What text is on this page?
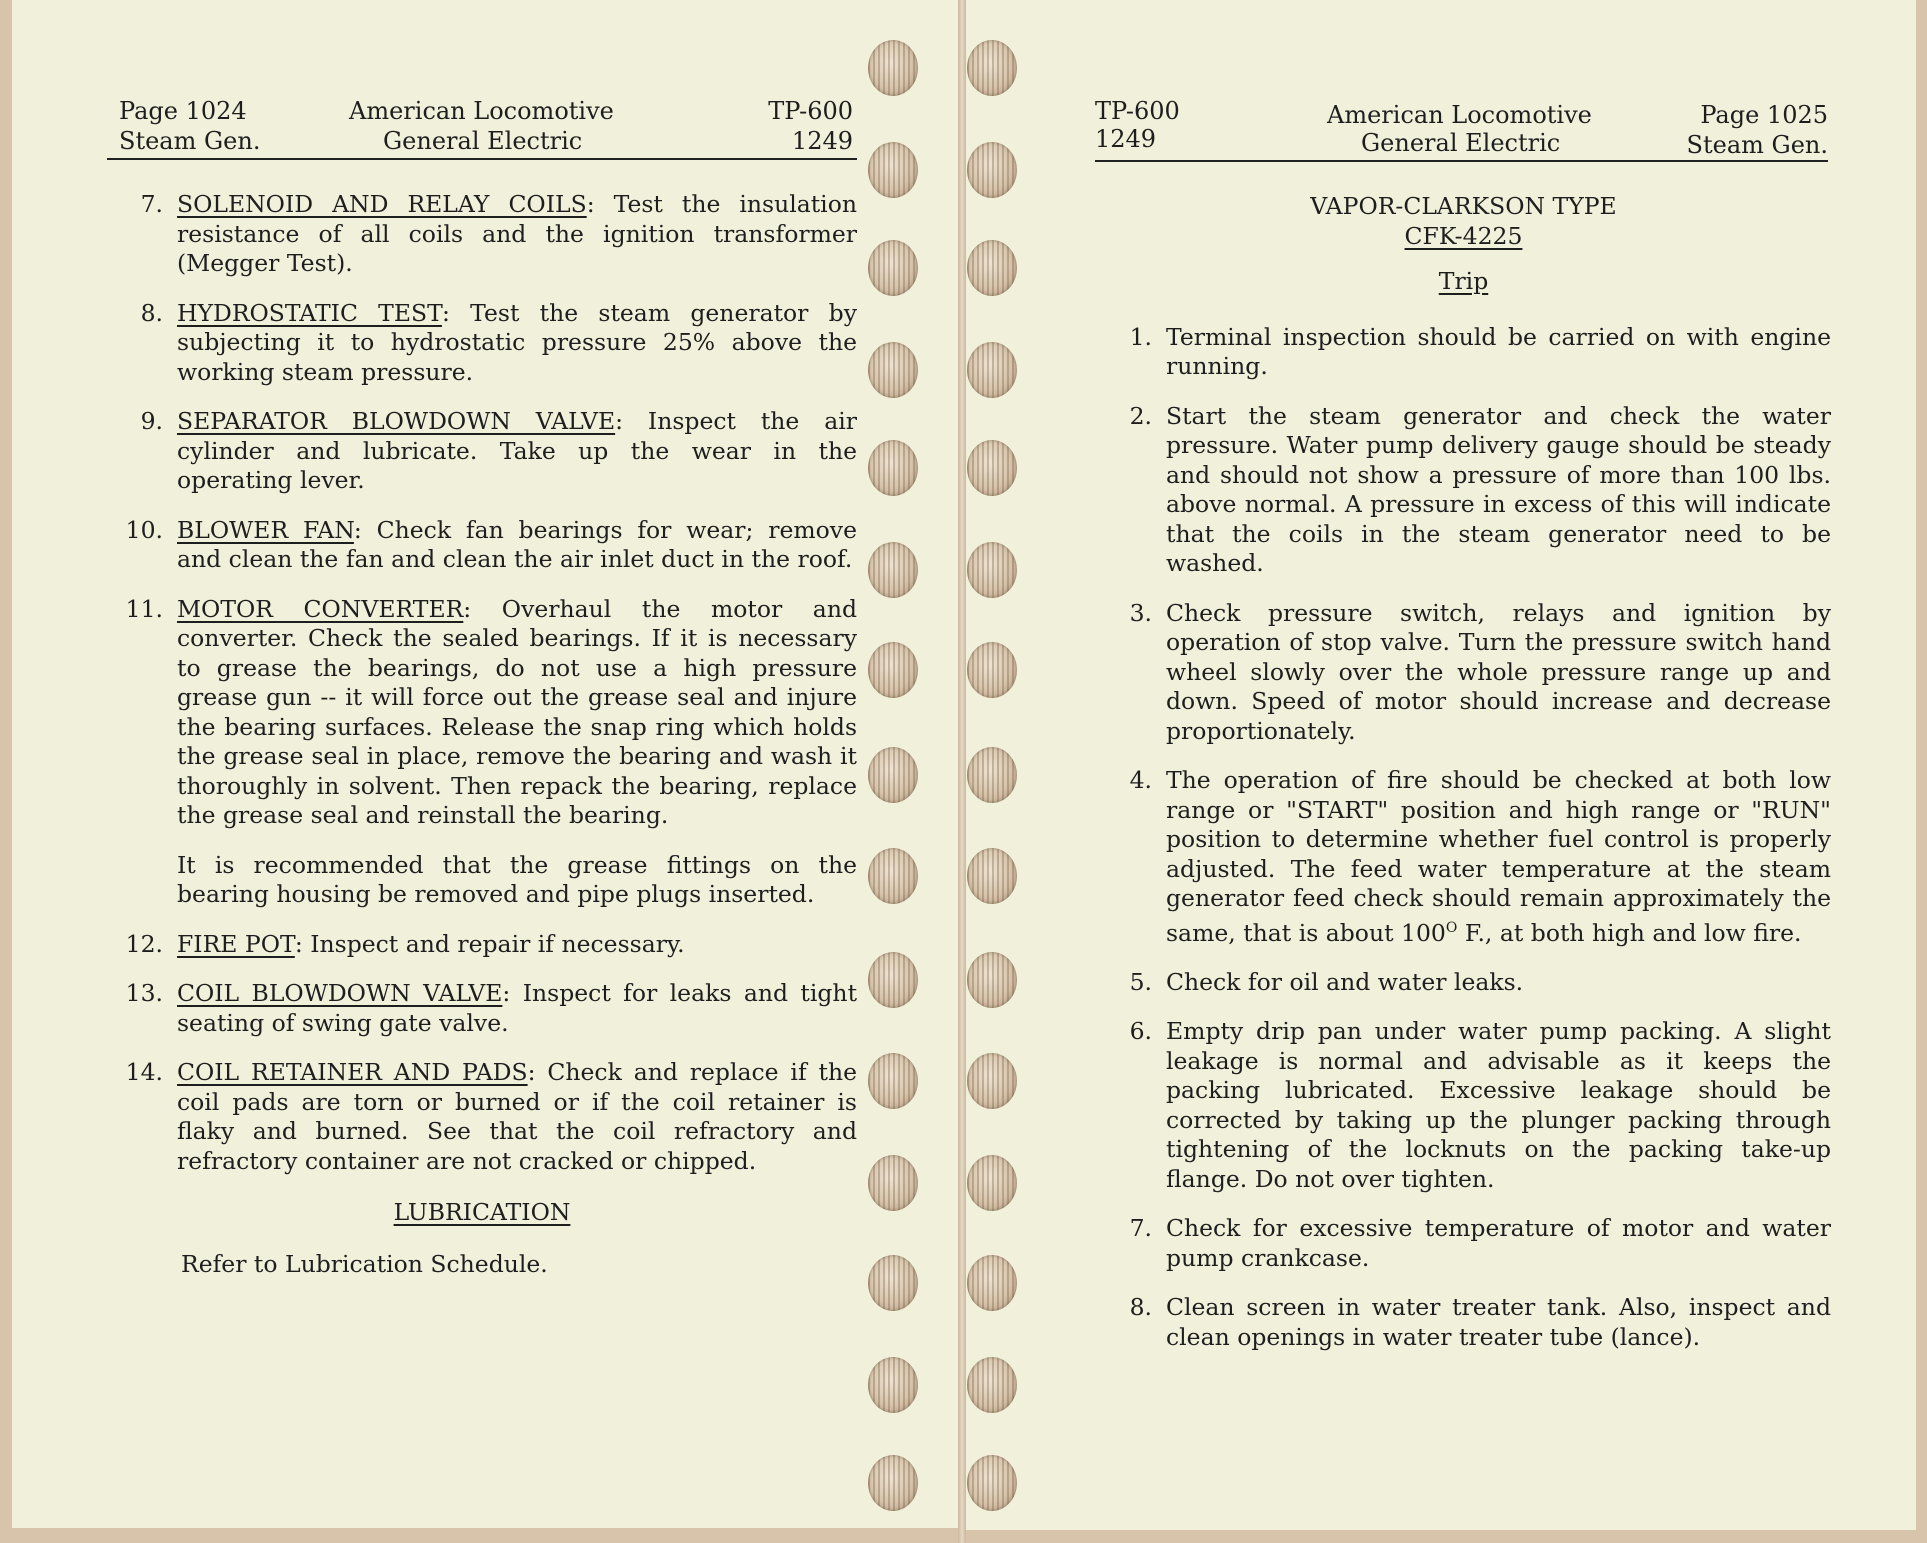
Page 1024
Steam Gen.
American Locomotive
General Electric
TP-600
1249
7. SOLENOID AND RELAY COILS: Test the insulation resistance of all coils and the ignition transformer (Megger Test).

8. HYDROSTATIC TEST: Test the steam generator by subjecting it to hydrostatic pressure 25% above the working steam pressure.

9. SEPARATOR BLOWDOWN VALVE: Inspect the air cylinder and lubricate. Take up the wear in the operating lever.

10. BLOWER FAN: Check fan bearings for wear; remove and clean the fan and clean the air inlet duct in the roof.

11. MOTOR CONVERTER: Overhaul the motor and converter. Check the sealed bearings. If it is necessary to grease the bearings, do not use a high pressure grease gun -- it will force out the grease seal and injure the bearing surfaces. Release the snap ring which holds the grease seal in place, remove the bearing and wash it thoroughly in solvent. Then repack the bearing, replace the grease seal and reinstall the bearing.

It is recommended that the grease fittings on the bearing housing be removed and pipe plugs inserted.

12. FIRE POT: Inspect and repair if necessary.

13. COIL BLOWDOWN VALVE: Inspect for leaks and tight seating of swing gate valve.

14. COIL RETAINER AND PADS: Check and replace if the coil pads are torn or burned or if the coil retainer is flaky and burned. See that the coil refractory and refractory container are not cracked or chipped.

LUBRICATION

Refer to Lubrication Schedule.

TP-600
1249
American Locomotive
General Electric
Page 1025
Steam Gen.

VAPOR-CLARKSON TYPE

CFK-4225

Trip

1. Terminal inspection should be carried on with engine running.

2. Start the steam generator and check the water pressure. Water pump delivery gauge should be steady and should not show a pressure of more than 100 lbs. above normal. A pressure in excess of this will indicate that the coils in the steam generator need to be washed.

3. Check pressure switch, relays and ignition by operation of stop valve. Turn the pressure switch hand wheel slowly over the whole pressure range up and down. Speed of motor should increase and decrease proportionately.

4. The operation of fire should be checked at both low range or "START" position and high range or "RUN" position to determine whether fuel control is properly adjusted. The feed water temperature at the steam generator feed check should remain approximately the same, that is about $100^O$ F., at both high and low fire.

5. Check for oil and water leaks.

6. Empty drip pan under water pump packing. A slight leakage is normal and advisable as it keeps the packing lubricated. Excessive leakage should be corrected by taking up the plunger packing through tightening of the locknuts on the packing take-up flange. Do not over tighten.

7. Check for excessive temperature of motor and water pump crankcase.

8. Clean screen in water treater tank. Also, inspect and clean openings in water treater tube (lance).
